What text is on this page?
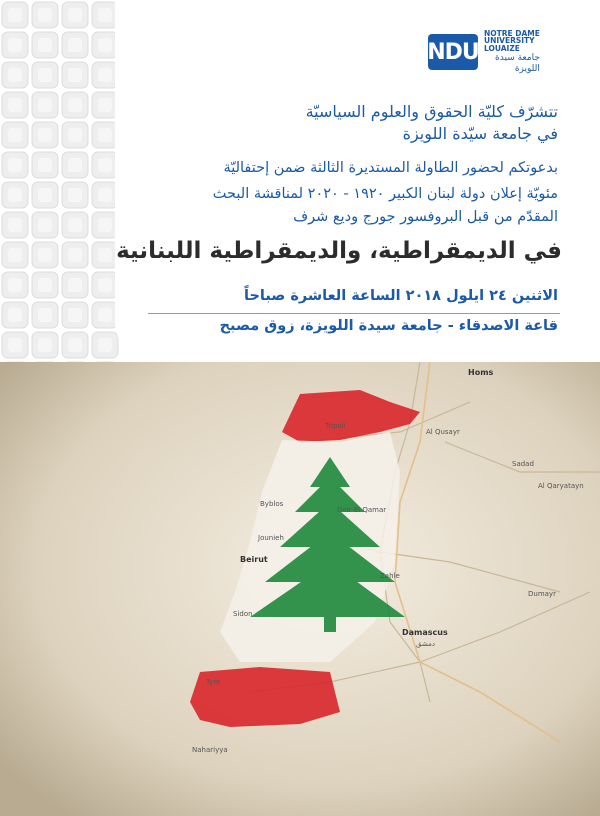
NDU
NOTRE DAME
UNIVERSITY
LOUAIZE
جامعة سيدة
اللويزة
ILLUMINE IN TRUTH
تتشرّف كليّة الحقوق والعلوم السياسيّة
في جامعة سيّدة اللويزة
بدعوتكم لحضور الطاولة المستديرة الثالثة ضمن إحتفاليّة
مئويّة إعلان دولة لبنان الكبير ١٩٢٠ - ٢٠٢٠ لمناقشة البحث
المقدّم من قبل البروفسور جورج وديع شرف
في الديمقراطية، والديمقراطية اللبنانية
الاثنين ٢٤ ايلول ٢٠١٨ الساعة العاشرة صباحاً
قاعة الاصدقاء - جامعة سيدة اللويزة، زوق مصبح
Homs
Tripoli
Al Qusayr
Byblos
Deir El Qamar
Jounieh
Beirut
Zahle
Sidon
Damascus
دمشق
Sadad
Al Qaryatayn
Dumayr
Tyre
Nahariyya
